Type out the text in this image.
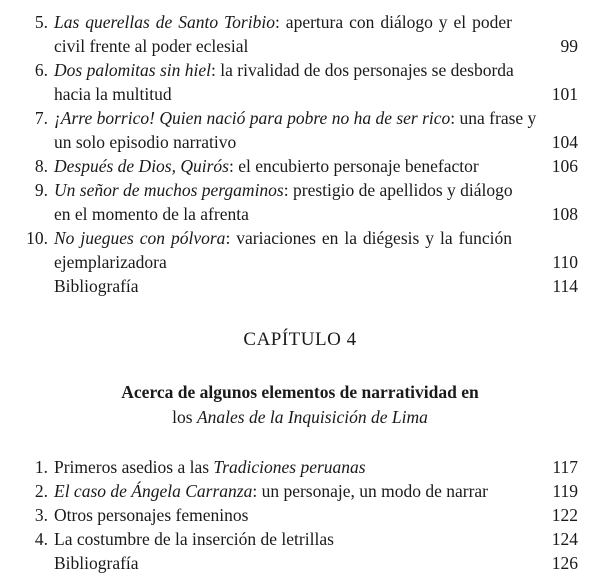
5. Las querellas de Santo Toribio: apertura con diálogo y el poder
civil frente al poder eclesial	99
6. Dos palomitas sin hiel: la rivalidad de dos personajes se desborda
hacia la multitud	101
7. ¡Arre borrico! Quien nació para pobre no ha de ser rico: una frase y
un solo episodio narrativo	104
8. Después de Dios, Quirós: el encubierto personaje benefactor	106
9. Un señor de muchos pergaminos: prestigio de apellidos y diálogo
en el momento de la afrenta	108
10. No juegues con pólvora: variaciones en la diégesis y la función
ejemplarizadora	110
Bibliografía	114
CAPÍTULO 4
Acerca de algunos elementos de narratividad en
los Anales de la Inquisición de Lima
1. Primeros asedios a las Tradiciones peruanas	117
2. El caso de Ángela Carranza: un personaje, un modo de narrar	119
3. Otros personajes femeninos	122
4. La costumbre de la inserción de letrillas	124
Bibliografía	126
